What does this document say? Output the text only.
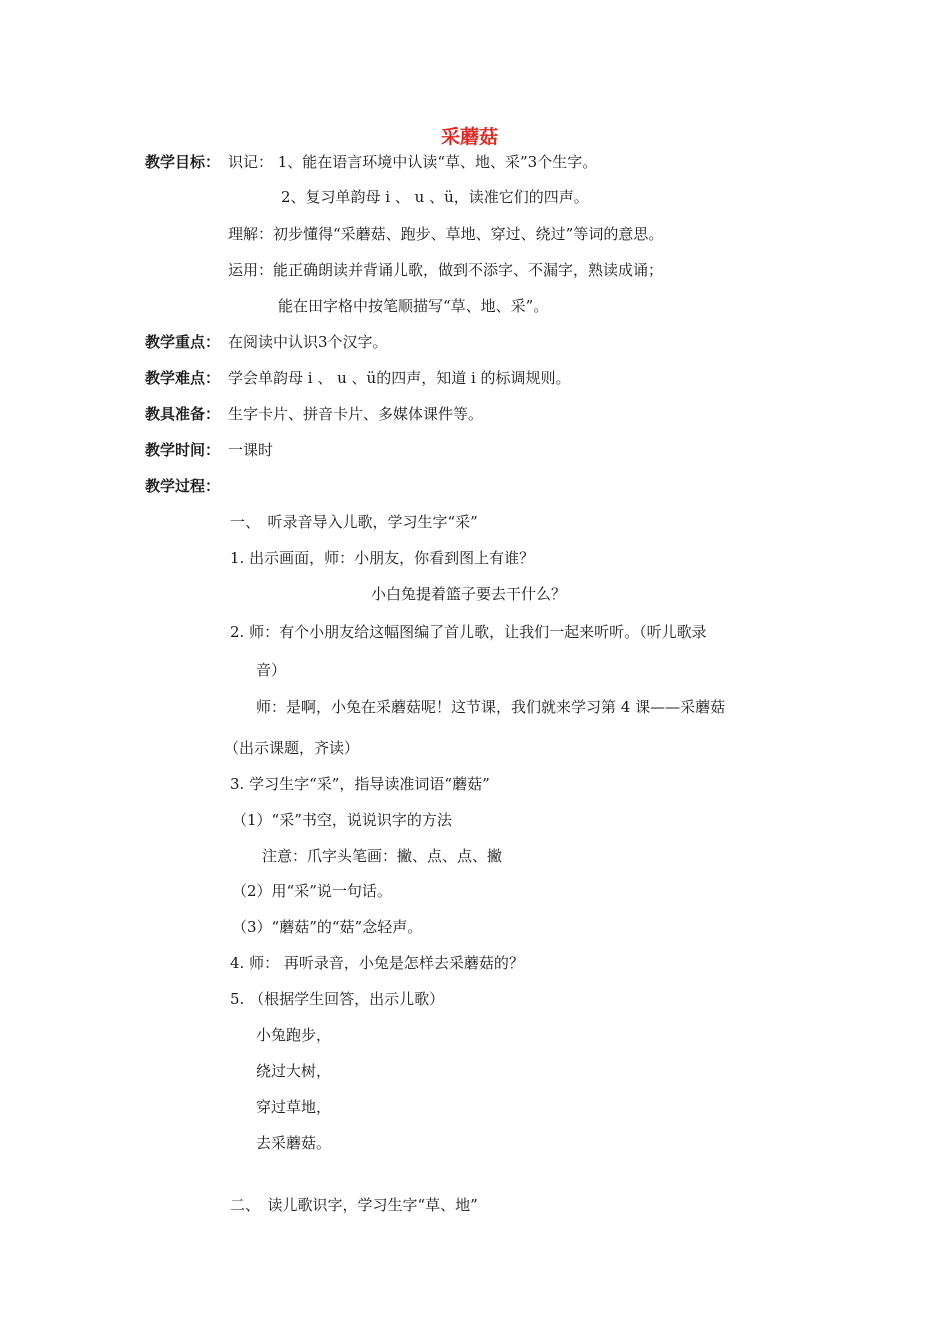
采蘑菇
教学目标： 识记： 1、能在语言环境中认读“草、地、采”3个生字。
2、复习单韵母 i 、 u 、ü，读准它们的四声。
理解：初步懂得“采蘑菇、跑步、草地、穿过、绕过”等词的意思。
运用：能正确朗读并背诵儿歌，做到不添字、不漏字，熟读成诵；
能在田字格中按笔顺描写“草、地、采”。
教学重点： 在阅读中认识3个汉字。
教学难点： 学会单韵母 i 、 u 、ü的四声，知道 i 的标调规则。
教具准备： 生字卡片、拼音卡片、多媒体课件等。
教学时间： 一课时
教学过程：
一、　听录音导入儿歌，学习生字“采”
1. 出示画面，师：小朋友，你看到图上有谁？
小白兔提着篮子要去干什么？
2. 师：有个小朋友给这幅图编了首儿歌，让我们一起来听听。（听儿歌录
音）
师：是啊，小兔在采蘑菇呢！这节课，我们就来学习第 4 课——采蘑菇
（出示课题，齐读）
3. 学习生字“采”，指导读准词语“蘑菇”
（1）“采”书空，说说识字的方法
注意：爪字头笔画：撇、点、点、撇
（2）用“采”说一句话。
（3）“蘑菇”的“菇”念轻声。
4. 师： 再听录音，小兔是怎样去采蘑菇的？
5. （根据学生回答，出示儿歌）
小兔跑步，
绕过大树，
穿过草地，
去采蘑菇。
二、　读儿歌识字，学习生字“草、地”
